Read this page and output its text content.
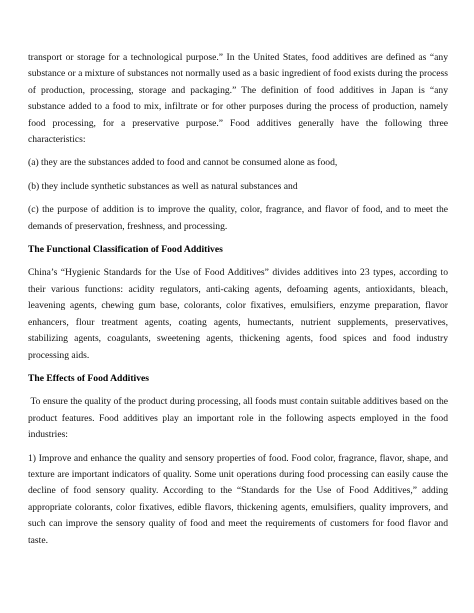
transport or storage for a technological purpose.” In the United States, food additives are defined as “any substance or a mixture of substances not normally used as a basic ingredient of food exists during the process of production, processing, storage and packaging.” The definition of food additives in Japan is “any substance added to a food to mix, infiltrate or for other purposes during the process of production, namely food processing, for a preservative purpose.” Food additives generally have the following three characteristics:

(a) they are the substances added to food and cannot be consumed alone as food,

(b) they include synthetic substances as well as natural substances and

(c) the purpose of addition is to improve the quality, color, fragrance, and flavor of food, and to meet the demands of preservation, freshness, and processing.

The Functional Classification of Food Additives

China’s “Hygienic Standards for the Use of Food Additives” divides additives into 23 types, according to their various functions: acidity regulators, anti-caking agents, defoaming agents, antioxidants, bleach, leavening agents, chewing gum base, colorants, color fixatives, emulsifiers, enzyme preparation, flavor enhancers, flour treatment agents, coating agents, humectants, nutrient supplements, preservatives, stabilizing agents, coagulants, sweetening agents, thickening agents, food spices and food industry processing aids.

The Effects of Food Additives

To ensure the quality of the product during processing, all foods must contain suitable additives based on the product features. Food additives play an important role in the following aspects employed in the food industries:

1) Improve and enhance the quality and sensory properties of food. Food color, fragrance, flavor, shape, and texture are important indicators of quality. Some unit operations during food processing can easily cause the decline of food sensory quality. According to the “Standards for the Use of Food Additives,” adding appropriate colorants, color fixatives, edible flavors, thickening agents, emulsifiers, quality improvers, and such can improve the sensory quality of food and meet the requirements of customers for food flavor and taste.
